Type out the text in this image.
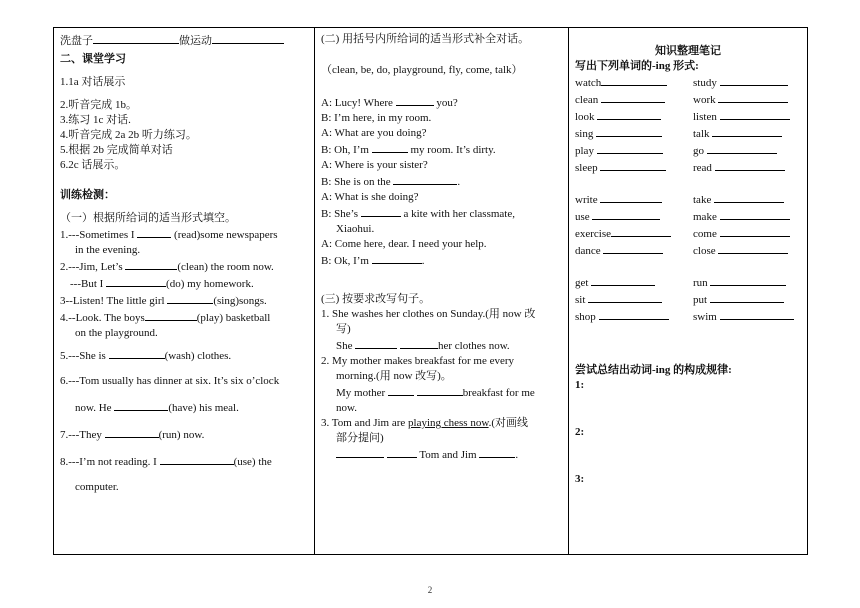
洗盘子	做运动
二、课堂学习
1.1a 对话展示
2.听音完成 1b。
3.练习 1c 对话.
4.听音完成 2a 2b 听力练习。
5.根据 2b 完成简单对话
6.2c 话展示。
训练检测：
（一）根据所给词的适当形式填空。
1.---Sometimes I	(read)some newspapers
in the evening.
2.---Jim, Let’s	(clean) the room now.
---But I	(do) my homework.
3--Listen! The little girl	(sing)songs.
4.--Look. The boys	(play) basketball
on the playground.
5.---She is	(wash) clothes.
6.---Tom usually has dinner at six. It’s six o’clock
now. He	(have) his meal.
7.---They	(run) now.
8.---I’m not reading. I	(use) the
computer.
(二) 用括号内所给词的适当形式补全对话。
（clean, be, do, playground, fly, come, talk）
A: Lucy! Where	you?
B: I’m here, in my room.
A: What are you doing?
B: Oh, I’m	my room. It’s dirty.
A: Where is your sister?
B: She is on the	.
A: What is she doing?
B: She’s	a kite with her classmate,
Xiaohui.
A: Come here, dear. I need your help.
B: Ok, I’m	.
(三) 按要求改写句子。
1. She washes her clothes on Sunday.(用 now 改
写)
She	her clothes now.
2. My mother makes breakfast for me every
morning.(用 now 改写)。
My mother	breakfast for me
now.
3. Tom and Jim are playing chess now.(对画线
部分提问)
Tom and Jim	.
知识整理笔记
写出下列单词的-ing 形式:
watch	study
clean	work
look	listen
sing	talk
play	go
sleep	read
write	take
use	make
exercise	come
dance	close
get	run
sit	put
shop	swim
尝试总结出动词-ing 的构成规律:
1:
2:
3:
2
